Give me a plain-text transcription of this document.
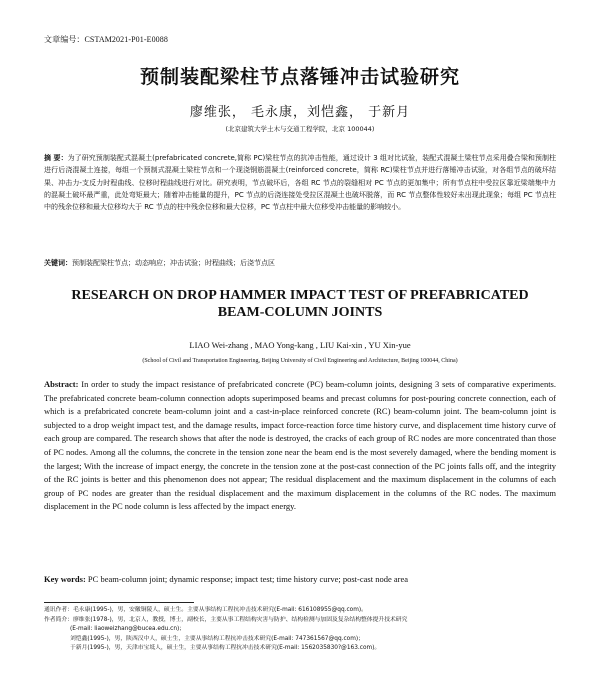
文章编号：CSTAM2021-P01-E0088
预制装配梁柱节点落锤冲击试验研究
廖维张， 毛永康，刘恺鑫， 于新月
(北京建筑大学土木与交通工程学院，北京 100044)

摘 要：为了研究预制装配式混凝土(prefabricated concrete,简称 PC)梁柱节点的抗冲击性能，通过设计 3 组对比试验，装配式混凝土梁柱节点采用叠合梁和预制柱进行后浇混凝土连接，每组一个预制式混凝土梁柱节点和一个现浇钢筋混凝土(reinforced concrete，简称 RC)梁柱节点并进行落锤冲击试验，对各组节点的破坏结果、冲击力-支反力时程曲线、位移时程曲线进行对比。研究表明，节点破坏后，各组 RC 节点的裂缝相对 PC 节点的更加集中；所有节点柱中受拉区靠近梁端集中力的混凝土破坏最严重，此处弯矩最大；随着冲击能量的提升，PC 节点的后浇连接处受拉区混凝土也破坏脱落，而 RC 节点整体性较好未出现此现象；每组 PC 节点柱中的残余位移和最大位移均大于 RC 节点的柱中残余位移和最大位移，PC 节点柱中最大位移受冲击能量的影响较小。

关键词：预制装配梁柱节点；动态响应；冲击试验；时程曲线；后浇节点区

RESEARCH ON DROP HAMMER IMPACT TEST OF PREFABRICATED
BEAM-COLUMN JOINTS
LIAO Wei-zhang , MAO Yong-kang , LIU Kai-xin , YU Xin-yue
(School of Civil and Transportation Engineering, Beijing University of Civil Engineering and Architecture, Beijing 100044, China)

Abstract: In order to study the impact resistance of prefabricated concrete (PC) beam-column joints, designing 3 sets of comparative experiments. The prefabricated concrete beam-column connection adopts superimposed beams and precast columns for post-pouring concrete connection, each of which is a prefabricated concrete beam-column joint and a cast-in-place reinforced concrete (RC) beam-column joint. The beam-column joint is subjected to a drop weight impact test, and the damage results, impact force-reaction force time history curve, and displacement time history curve of each group are compared. The research shows that after the node is destroyed, the cracks of each group of RC nodes are more concentrated than those of PC nodes. Among all the columns, the concrete in the tension zone near the beam end is the most severely damaged, where the bending moment is the largest; With the increase of impact energy, the concrete in the tension zone at the post-cast connection of the PC joints falls off, and the integrity of the RC joints is better and this phenomenon does not appear; The residual displacement and the maximum displacement in the columns of each group of PC nodes are greater than the residual displacement and the maximum displacement in the columns of the RC nodes. The maximum displacement in the PC node column is less affected by the impact energy.

Key words: PC beam-column joint; dynamic response; impact test; time history curve; post-cast node area

通讯作者：毛永康(1995-)，男，安徽铜陵人，硕士生。主要从事结构工程抗冲击技术研究(E-mail: 616108955@qq.com)。
作者简介：廖维张(1978-)，男，北京人，教授，博士，副校长，主要从事工程结构灾害与防护、结构检测与加固及复杂结构整体提升技术研究
(E-mail: liaoweizhang@bucea.edu.cn)；
刘恺鑫(1995-)，男，陕西汉中人，硕士生，主要从事结构工程抗冲击技术研究(E-mail: 747361567@qq.com)；
于新月(1995-)，男，天津市宝坻人，硕士生，主要从事结构工程抗冲击技术研究(E-mail: 1562035830?@163.com)。
